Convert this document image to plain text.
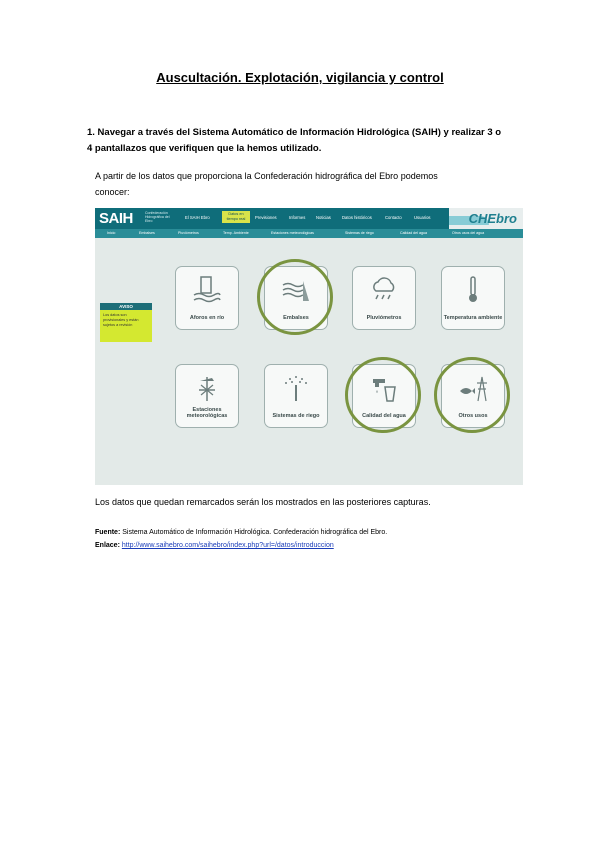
Auscultación. Explotación, vigilancia y control
1. Navegar a través del Sistema Automático de Información Hidrológica (SAIH) y realizar 3 o
4 pantallazos que verifiquen que la hemos utilizado.
A partir de los datos que proporciona la Confederación hidrográfica del Ebro podemos
conocer:
SAIH	Confederación Hidrográfica del Ebro
El SAIH Ebro
Datos en tiempo real	Previsiones	Informes	Noticias	Datos históricos	Contacto	Usuarios	CHEbro
Inicio	Embalses	Pluviómetros	Temp. Ambiente	Estaciones meteorológicas	Sistemas de riego	Calidad del agua	Otros usos del agua
AVISO
Los datos son provisionales y están sujetos a revisión
Aforos en río	Embalses	Pluviómetros	Temperatura ambiente
Estaciones meteorológicas	Sistemas de riego	Calidad del agua	Otros usos
Los datos que quedan remarcados serán los mostrados en las posteriores capturas.
Fuente: Sistema Automático de Información Hidrológica. Confederación hidrográfica del Ebro.
Enlace: http://www.saihebro.com/saihebro/index.php?url=/datos/introduccion
